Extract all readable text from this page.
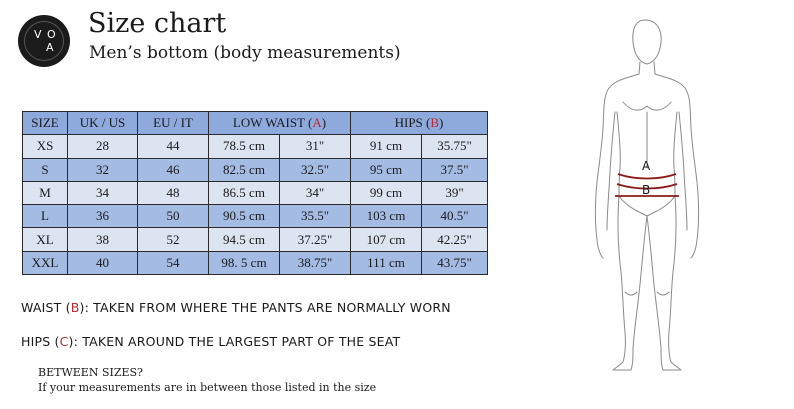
V O
A
Size chart
Men’s bottom (body measurements)
SIZE	UK / US	EU / IT	LOW WAIST (A)		HIPS (B)	
XS	28	44	78.5 cm	31"	91 cm	35.75"
S	32	46	82.5 cm	32.5"	95 cm	37.5"
M	34	48	86.5 cm	34"	99 cm	39"
L	36	50	90.5 cm	35.5"	103 cm	40.5"
XL	38	52	94.5 cm	37.25"	107 cm	42.25"
XXL	40	54	98. 5 cm	38.75"	111 cm	43.75"
WAIST (B): TAKEN FROM WHERE THE PANTS ARE NORMALLY WORN
HIPS (C): TAKEN AROUND THE LARGEST PART OF THE SEAT
BETWEEN SIZES?
If your measurements are in between those listed in the size
A
B
